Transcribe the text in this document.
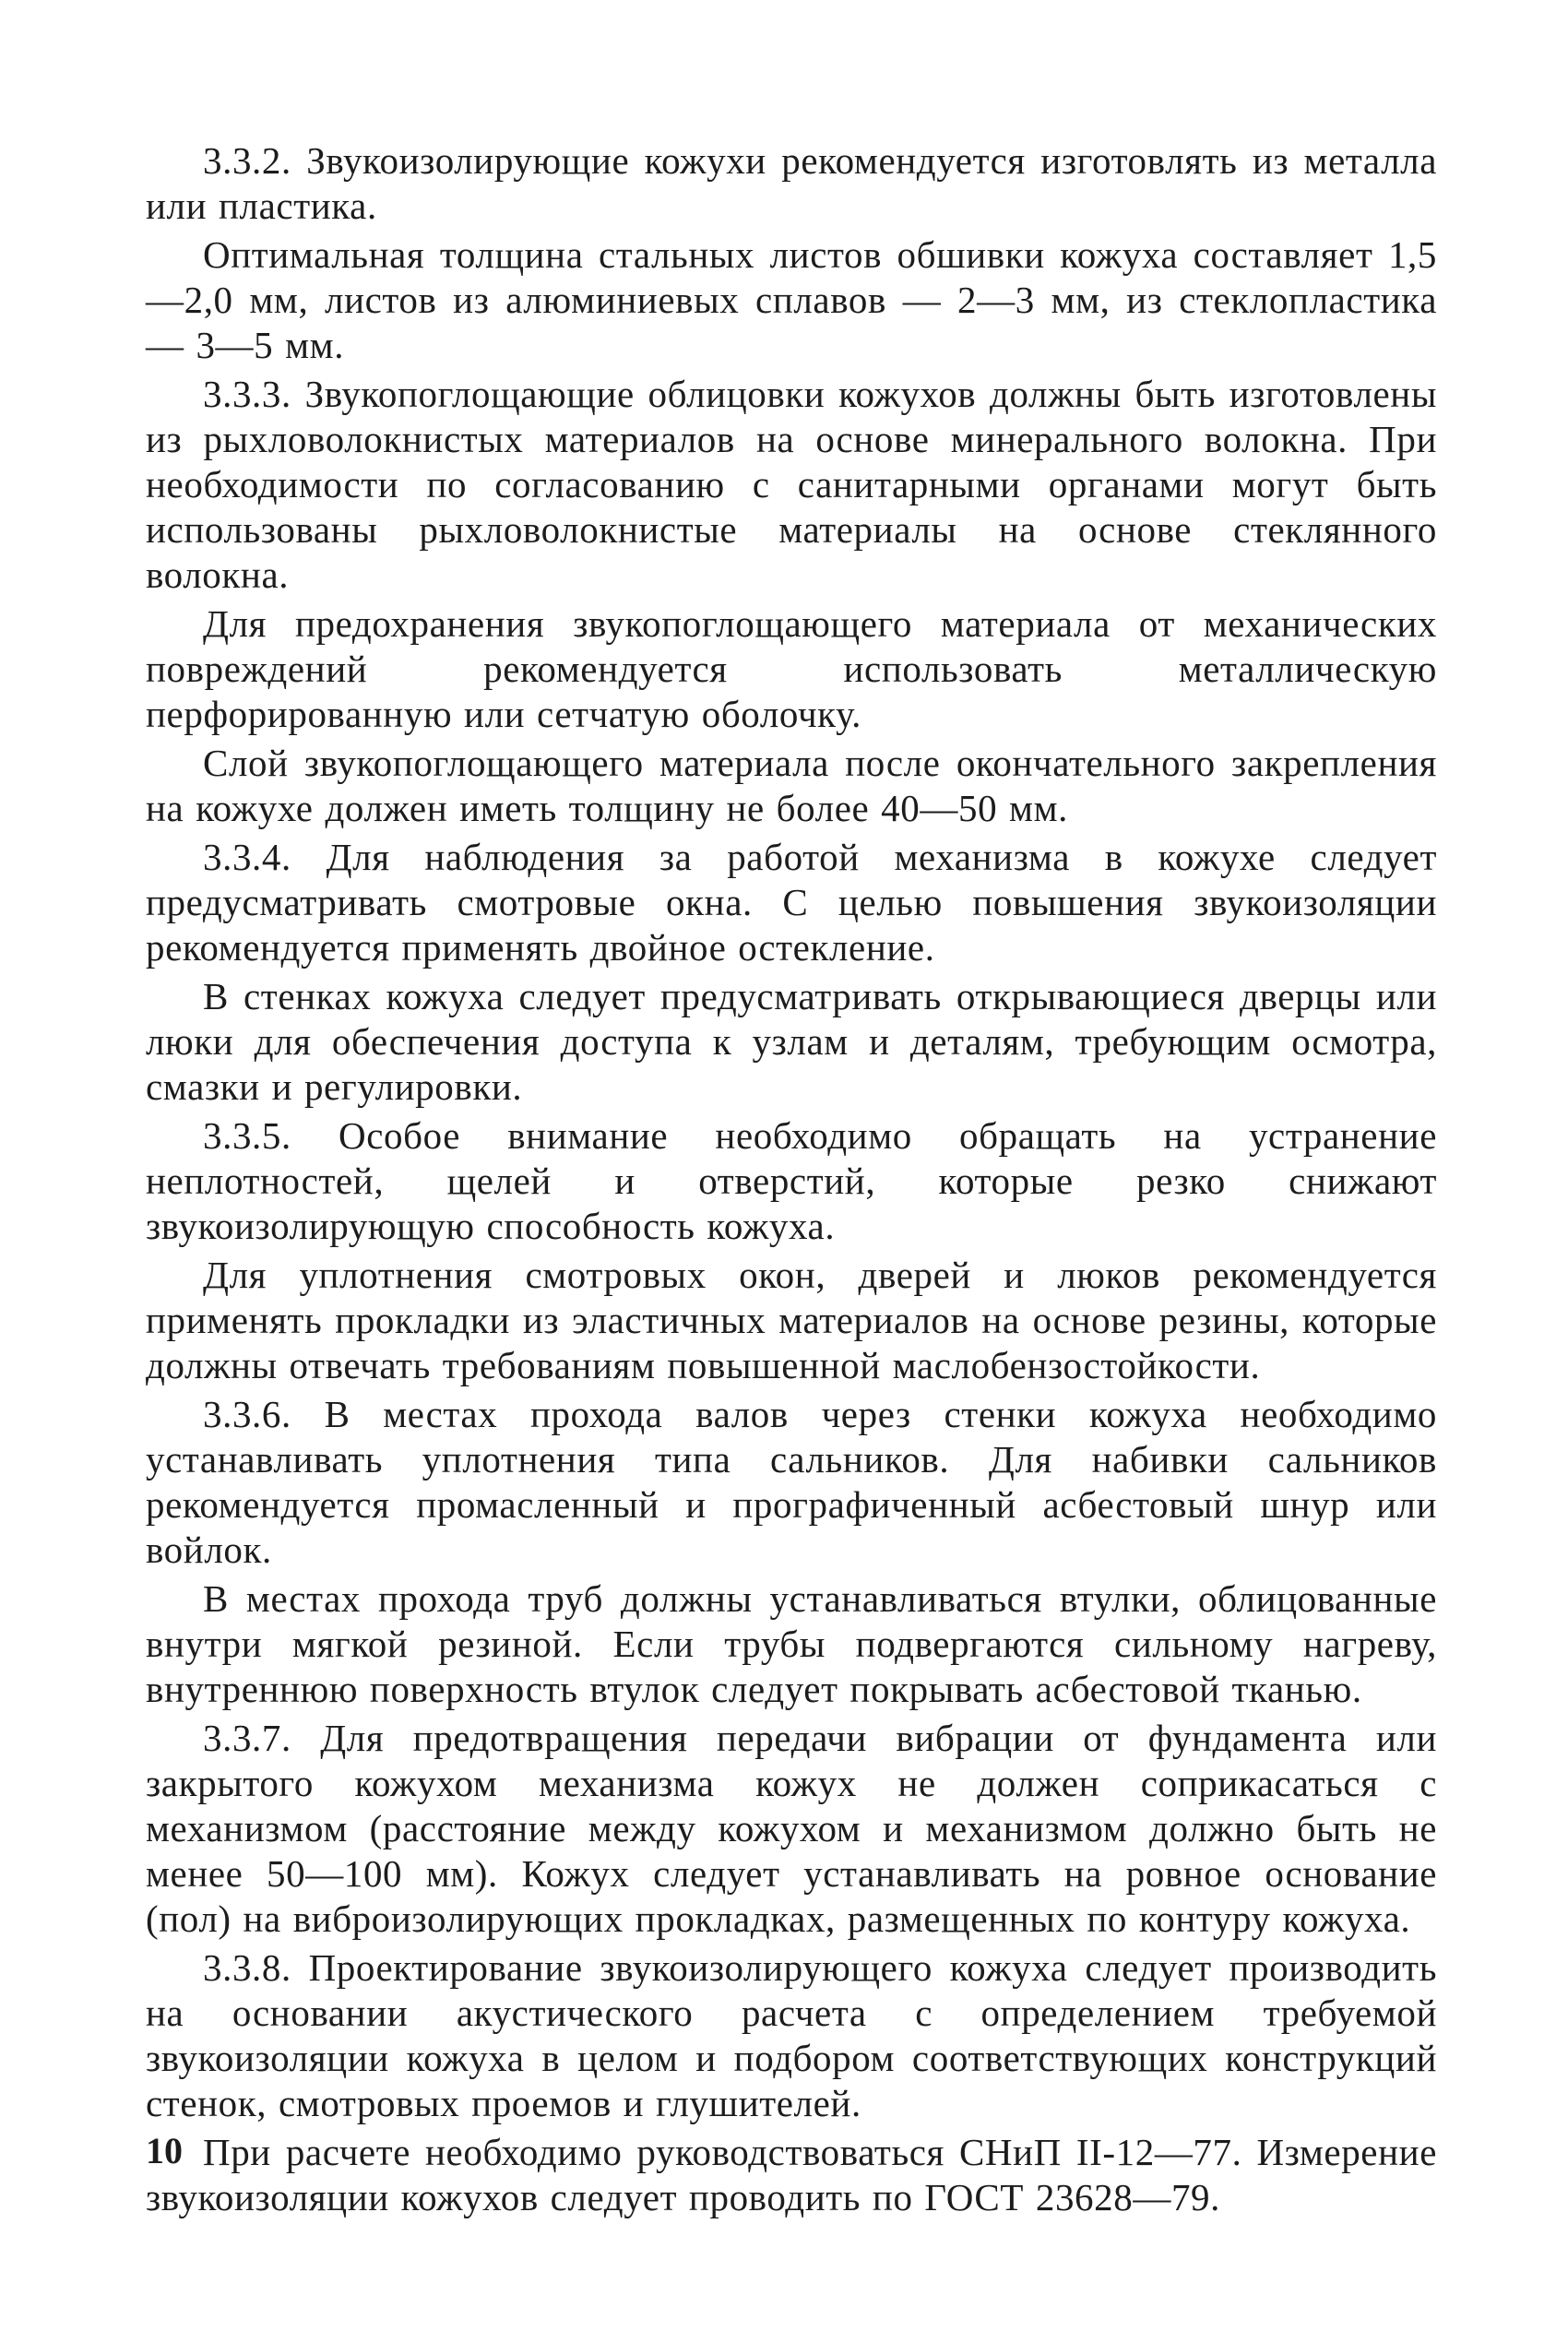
3.3.2. Звукоизолирующие кожухи рекомендуется изготовлять из металла или пластика.

Оптимальная толщина стальных листов обшивки кожуха составляет 1,5—2,0 мм, листов из алюминиевых сплавов — 2—3 мм, из стеклопластика — 3—5 мм.

3.3.3. Звукопоглощающие облицовки кожухов должны быть изготовлены из рыхловолокнистых материалов на основе минерального волокна. При необходимости по согласованию с санитарными органами могут быть использованы рыхловолокнистые материалы на основе стеклянного волокна.

Для предохранения звукопоглощающего материала от механических повреждений рекомендуется использовать металлическую перфорированную или сетчатую оболочку.

Слой звукопоглощающего материала после окончательного закрепления на кожухе должен иметь толщину не более 40—50 мм.

3.3.4. Для наблюдения за работой механизма в кожухе следует предусматривать смотровые окна. С целью повышения звукоизоляции рекомендуется применять двойное остекление.

В стенках кожуха следует предусматривать открывающиеся дверцы или люки для обеспечения доступа к узлам и деталям, требующим осмотра, смазки и регулировки.

3.3.5. Особое внимание необходимо обращать на устранение неплотностей, щелей и отверстий, которые резко снижают звукоизолирующую способность кожуха.

Для уплотнения смотровых окон, дверей и люков рекомендуется применять прокладки из эластичных материалов на основе резины, которые должны отвечать требованиям повышенной маслобензостойкости.

3.3.6. В местах прохода валов через стенки кожуха необходимо устанавливать уплотнения типа сальников. Для набивки сальников рекомендуется промасленный и прографиченный асбестовый шнур или войлок.

В местах прохода труб должны устанавливаться втулки, облицованные внутри мягкой резиной. Если трубы подвергаются сильному нагреву, внутреннюю поверхность втулок следует покрывать асбестовой тканью.

3.3.7. Для предотвращения передачи вибрации от фундамента или закрытого кожухом механизма кожух не должен соприкасаться с механизмом (расстояние между кожухом и механизмом должно быть не менее 50—100 мм). Кожух следует устанавливать на ровное основание (пол) на виброизолирующих прокладках, размещенных по контуру кожуха.

3.3.8. Проектирование звукоизолирующего кожуха следует производить на основании акустического расчета с определением требуемой звукоизоляции кожуха в целом и подбором соответствующих конструкций стенок, смотровых проемов и глушителей.

При расчете необходимо руководствоваться СНиП II-12—77. Измерение звукоизоляции кожухов следует проводить по ГОСТ 23628—79.

10
